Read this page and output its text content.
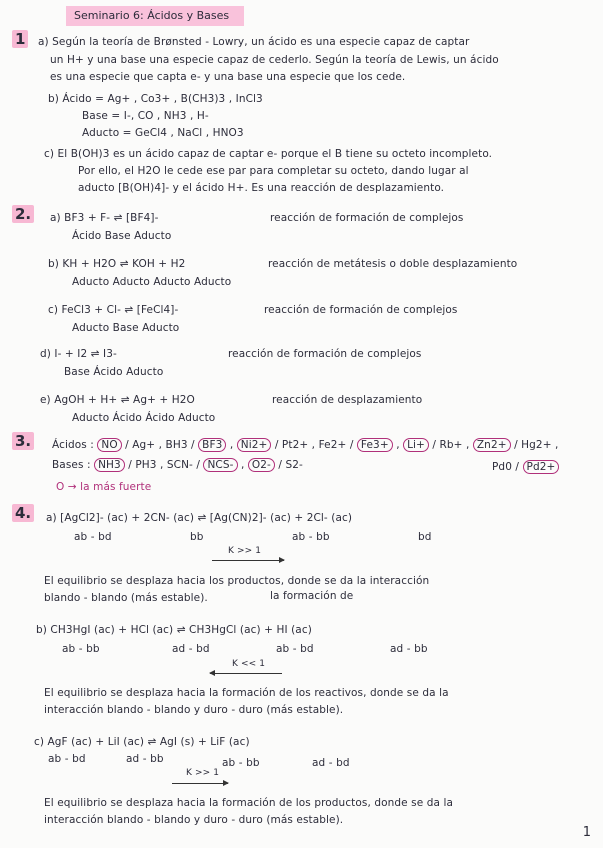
Seminario 6: Ácidos y Bases
1 a) Según la teoría de Brønsted - Lowry, un ácido es una especie capaz de captar
un H+ y una base una especie capaz de cederlo. Según la teoría de Lewis, un ácido
es una especie que capta e- y una base una especie que los cede.
b) Ácido = Ag+ , Co3+ , B(CH3)3 , InCl3
Base = I-, CO , NH3 , H-
Aducto = GeCl4 , NaCl , HNO3
c) El B(OH)3 es un ácido capaz de captar e- porque el B tiene su octeto incompleto.
Por ello, el H2O le cede ese par para completar su octeto, dando lugar al
aducto [B(OH)4]- y el ácido H+. Es una reacción de desplazamiento.
2. a) BF3 + F- ⇌ [BF4]-	reacción de formación de complejos
Ácido Base Aducto
b) KH + H2O ⇌ KOH + H2	reacción de metátesis o doble desplazamiento
Aducto Aducto Aducto Aducto
c) FeCl3 + Cl- ⇌ [FeCl4]-	reacción de formación de complejos
Aducto Base Aducto
d) I- + I2 ⇌ I3-	reacción de formación de complejos
Base Ácido Aducto
e) AgOH + H+ ⇌ Ag+ + H2O	reacción de desplazamiento
Aducto Ácido Ácido Aducto
3. Ácidos : NO / Ag+ , BH3 / BF3 , Ni2+ / Pt2+ , Fe2+ / Fe3+ , Li+ / Rb+ , Zn2+ / Hg2+ ,
Bases : NH3 / PH3 , SCN- / NCS- , O2- / S2-	Pd0 / Pd2+
O → la más fuerte
4. a) [AgCl2]- (ac) + 2CN- (ac) ⇌ [Ag(CN)2]- (ac) + 2Cl- (ac)
ab - bd	bb	ab - bb	bd
K >> 1
El equilibrio se desplaza hacia los productos, donde se da la interacción
blando - blando (más estable).	la formación de
b) CH3HgI (ac) + HCl (ac) ⇌ CH3HgCl (ac) + HI (ac)
ab - bb	ad - bd	ab - bd	ad - bb
K << 1
El equilibrio se desplaza hacia la formación de los reactivos, donde se da la
interacción blando - blando y duro - duro (más estable).
c) AgF (ac) + LiI (ac) ⇌ AgI (s) + LiF (ac)
ab - bd	ad - bb	ab - bb	ad - bd
K >> 1
El equilibrio se desplaza hacia la formación de los productos, donde se da la
interacción blando - blando y duro - duro (más estable).
1
